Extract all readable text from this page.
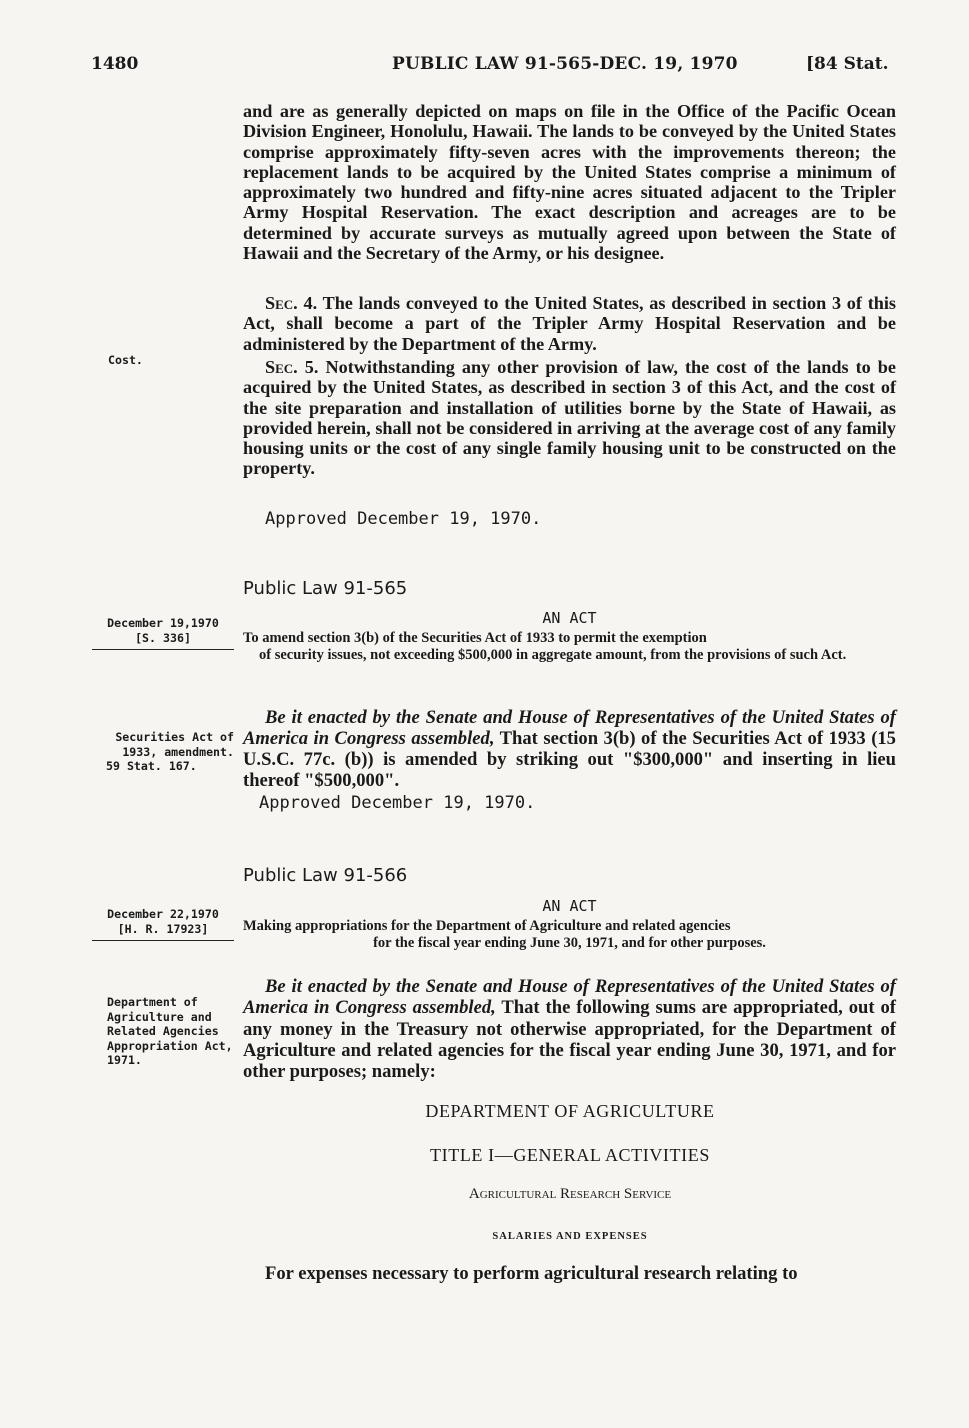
1480	PUBLIC LAW 91-565-DEC. 19, 1970	[84 Stat.
and are as generally depicted on maps on file in the Office of the Pacific Ocean Division Engineer, Honolulu, Hawaii. The lands to be conveyed by the United States comprise approximately fifty-seven acres with the improvements thereon; the replacement lands to be acquired by the United States comprise a minimum of approximately two hundred and fifty-nine acres situated adjacent to the Tripler Army Hospital Reservation. The exact description and acreages are to be determined by accurate surveys as mutually agreed upon between the State of Hawaii and the Secretary of the Army, or his designee.
Sec. 4. The lands conveyed to the United States, as described in section 3 of this Act, shall become a part of the Tripler Army Hospital Reservation and be administered by the Department of the Army.
Sec. 5. Notwithstanding any other provision of law, the cost of the lands to be acquired by the United States, as described in section 3 of this Act, and the cost of the site preparation and installation of utilities borne by the State of Hawaii, as provided herein, shall not be considered in arriving at the average cost of any family housing units or the cost of any single family housing unit to be constructed on the property.
Approved December 19, 1970.
Public Law 91-565
AN ACT
To amend section 3(b) of the Securities Act of 1933 to permit the exemption
of security issues, not exceeding $500,000 in aggregate amount, from the provisions of such Act.
Be it enacted by the Senate and House of Representatives of the United States of America in Congress assembled, That section 3(b) of the Securities Act of 1933 (15 U.S.C. 77c. (b)) is amended by striking out "$300,000" and inserting in lieu thereof "$500,000".
Approved December 19, 1970.
Public Law 91-566
AN ACT
Making appropriations for the Department of Agriculture and related agencies
for the fiscal year ending June 30, 1971, and for other purposes.
Be it enacted by the Senate and House of Representatives of the United States of America in Congress assembled, That the following sums are appropriated, out of any money in the Treasury not otherwise appropriated, for the Department of Agriculture and related agencies for the fiscal year ending June 30, 1971, and for other purposes; namely:
DEPARTMENT OF AGRICULTURE
TITLE I—GENERAL ACTIVITIES
Agricultural Research Service
SALARIES AND EXPENSES
For expenses necessary to perform agricultural research relating to
Cost.
December 19,1970
[S. 336]
Securities Act of
1933, amendment.
59 Stat. 167.
December 22,1970
[H. R. 17923]
Department of
Agriculture and
Related Agencies
Appropriation Act,
1971.
